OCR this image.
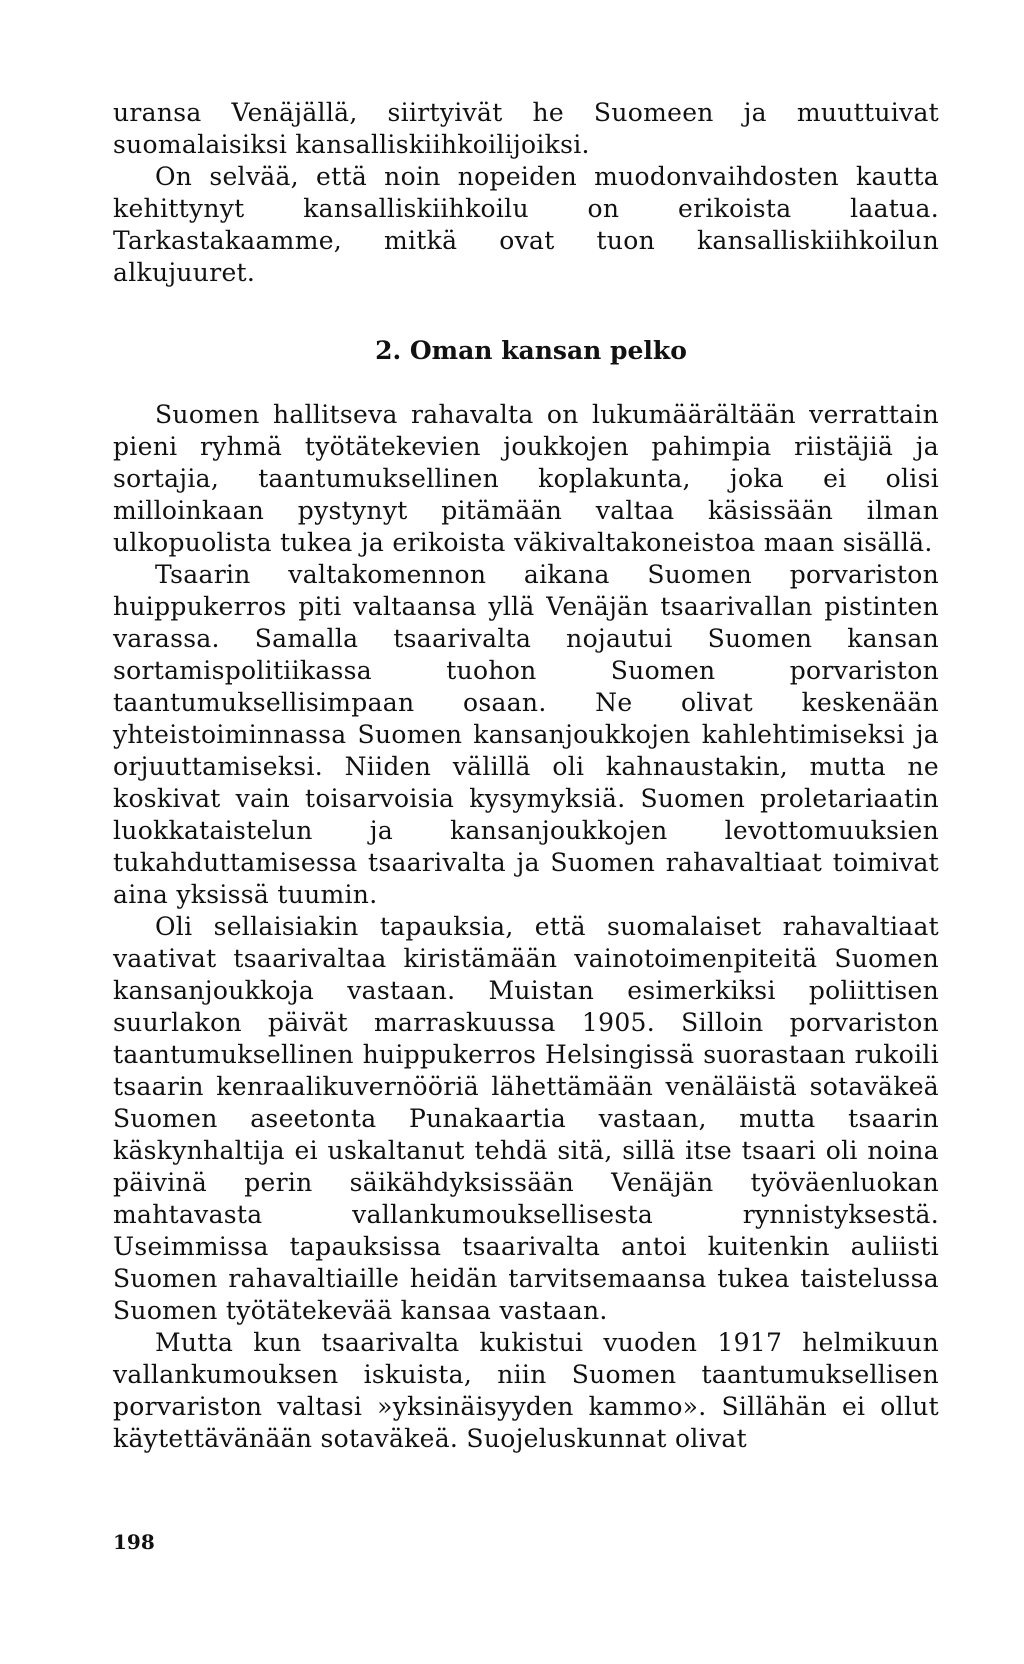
uransa Venäjällä, siirtyivät he Suomeen ja muuttuivat suomalaisiksi kansalliskiihkoilijoiksi.

On selvää, että noin nopeiden muodonvaihdosten kautta kehittynyt kansalliskiihkoilu on erikoista laatua. Tarkastakaamme, mitkä ovat tuon kansalliskiihkoilun alkujuuret.

2. Oman kansan pelko

Suomen hallitseva rahavalta on lukumäärältään verrattain pieni ryhmä työtätekevien joukkojen pahimpia riistäjiä ja sortajia, taantumuksellinen koplakunta, joka ei olisi milloinkaan pystynyt pitämään valtaa käsissään ilman ulkopuolista tukea ja erikoista väkivaltakoneistoa maan sisällä.

Tsaarin valtakomennon aikana Suomen porvariston huippukerros piti valtaansa yllä Venäjän tsaarivallan pistinten varassa. Samalla tsaarivalta nojautui Suomen kansan sortamispolitiikassa tuohon Suomen porvariston taantumuksellisimpaan osaan. Ne olivat keskenään yhteistoiminnassa Suomen kansanjoukkojen kahlehtimiseksi ja orjuuttamiseksi. Niiden välillä oli kahnaustakin, mutta ne koskivat vain toisarvoisia kysymyksiä. Suomen proletariaatin luokkataistelun ja kansanjoukkojen levottomuuksien tukahduttamisessa tsaarivalta ja Suomen rahavaltiaat toimivat aina yksissä tuumin.

Oli sellaisiakin tapauksia, että suomalaiset rahavaltiaat vaativat tsaarivaltaa kiristämään vainotoimenpiteitä Suomen kansanjoukkoja vastaan. Muistan esimerkiksi poliittisen suurlakon päivät marraskuussa 1905. Silloin porvariston taantumuksellinen huippukerros Helsingissä suorastaan rukoili tsaarin kenraalikuvernööriä lähettämään venäläistä sotaväkeä Suomen aseetonta Punakaartia vastaan, mutta tsaarin käskynhaltija ei uskaltanut tehdä sitä, sillä itse tsaari oli noina päivinä perin säikähdyksissään Venäjän työväenluokan mahtavasta vallankumouksellisesta rynnistyksestä. Useimmissa tapauksissa tsaarivalta antoi kuitenkin auliisti Suomen rahavaltiaille heidän tarvitsemaansa tukea taistelussa Suomen työtätekevää kansaa vastaan.

Mutta kun tsaarivalta kukistui vuoden 1917 helmikuun vallankumouksen iskuista, niin Suomen taantumuksellisen porvariston valtasi »yksinäisyyden kammo». Sillähän ei ollut käytettävänään sotaväkeä. Suojeluskunnat olivat

198
